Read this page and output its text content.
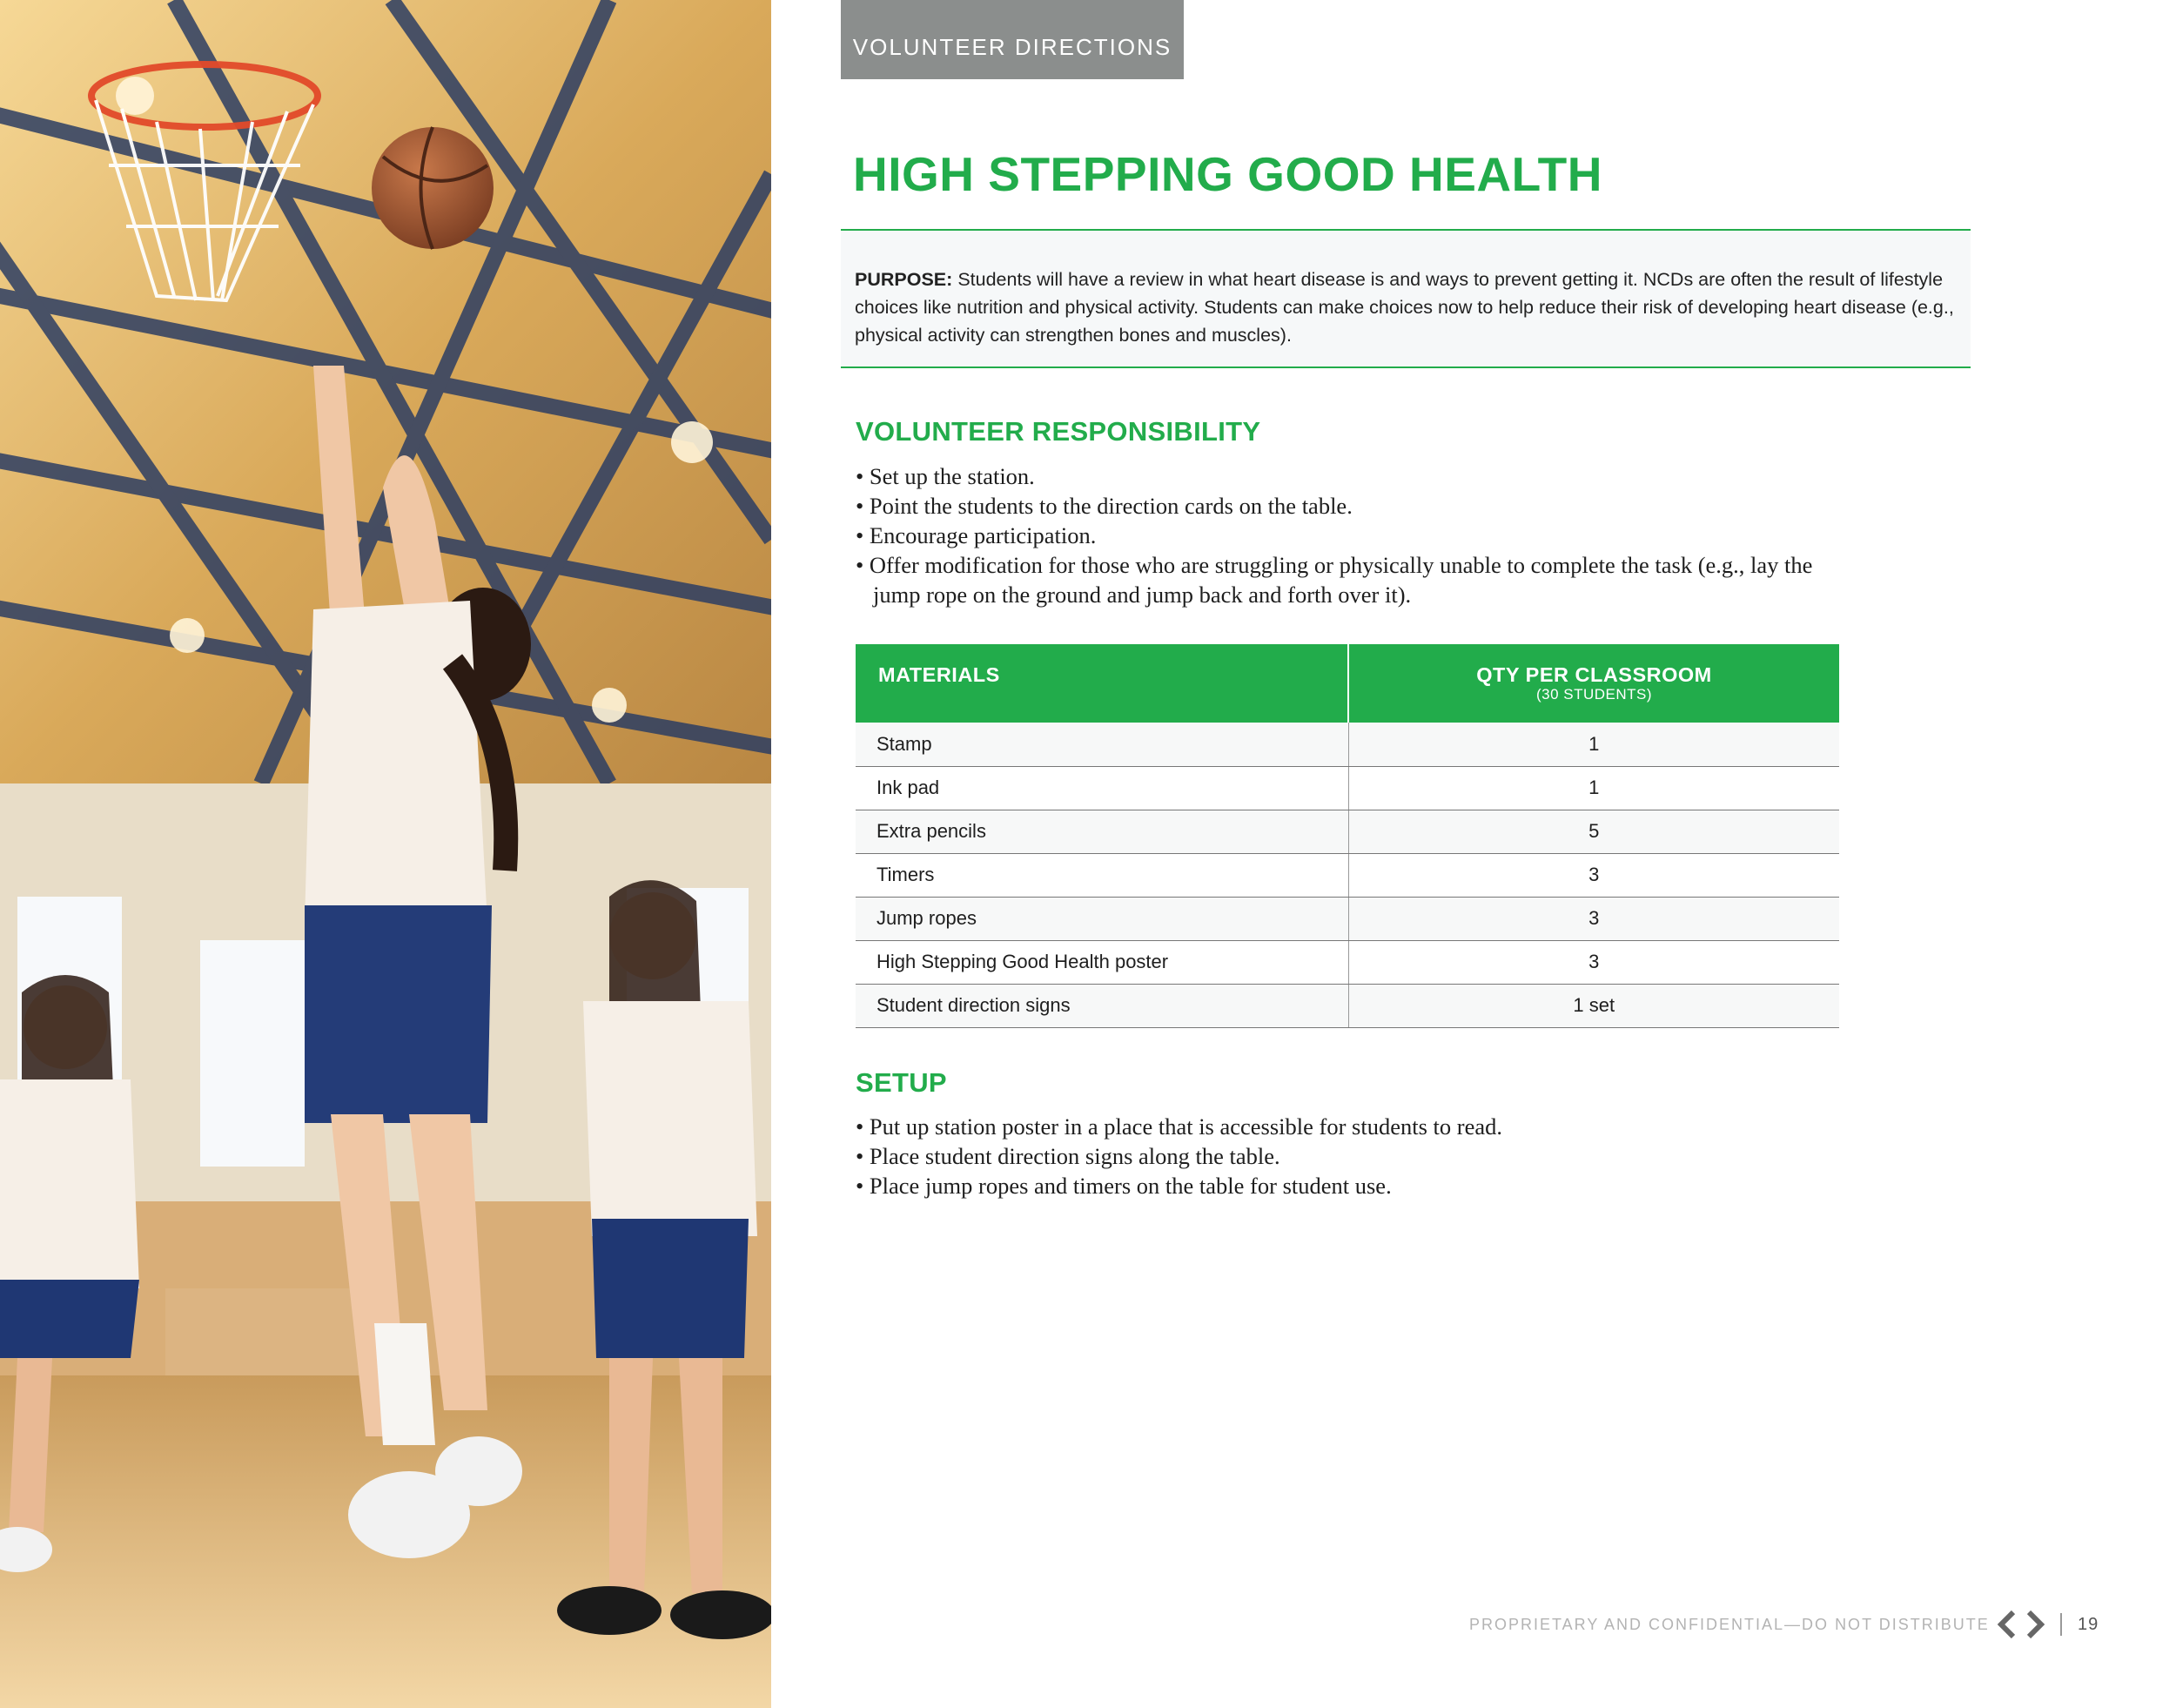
VOLUNTEER DIRECTIONS
HIGH STEPPING GOOD HEALTH
PURPOSE: Students will have a review in what heart disease is and ways to prevent getting it. NCDs are often the result of lifestyle choices like nutrition and physical activity. Students can make choices now to help reduce their risk of developing heart disease (e.g., physical activity can strengthen bones and muscles).
VOLUNTEER RESPONSIBILITY
• Set up the station.
• Point the students to the direction cards on the table.
• Encourage participation.
• Offer modification for those who are struggling or physically unable to complete the task (e.g., lay the jump rope on the ground and jump back and forth over it).
MATERIALS	QTY PER CLASSROOM
(30 STUDENTS)

Stamp	1
Ink pad	1
Extra pencils	5
Timers	3
Jump ropes	3
High Stepping Good Health poster	3
Student direction signs	1 set
SETUP
• Put up station poster in a place that is accessible for students to read.
• Place student direction signs along the table.
• Place jump ropes and timers on the table for student use.
PROPRIETARY AND CONFIDENTIAL—DO NOT DISTRIBUTE	19
